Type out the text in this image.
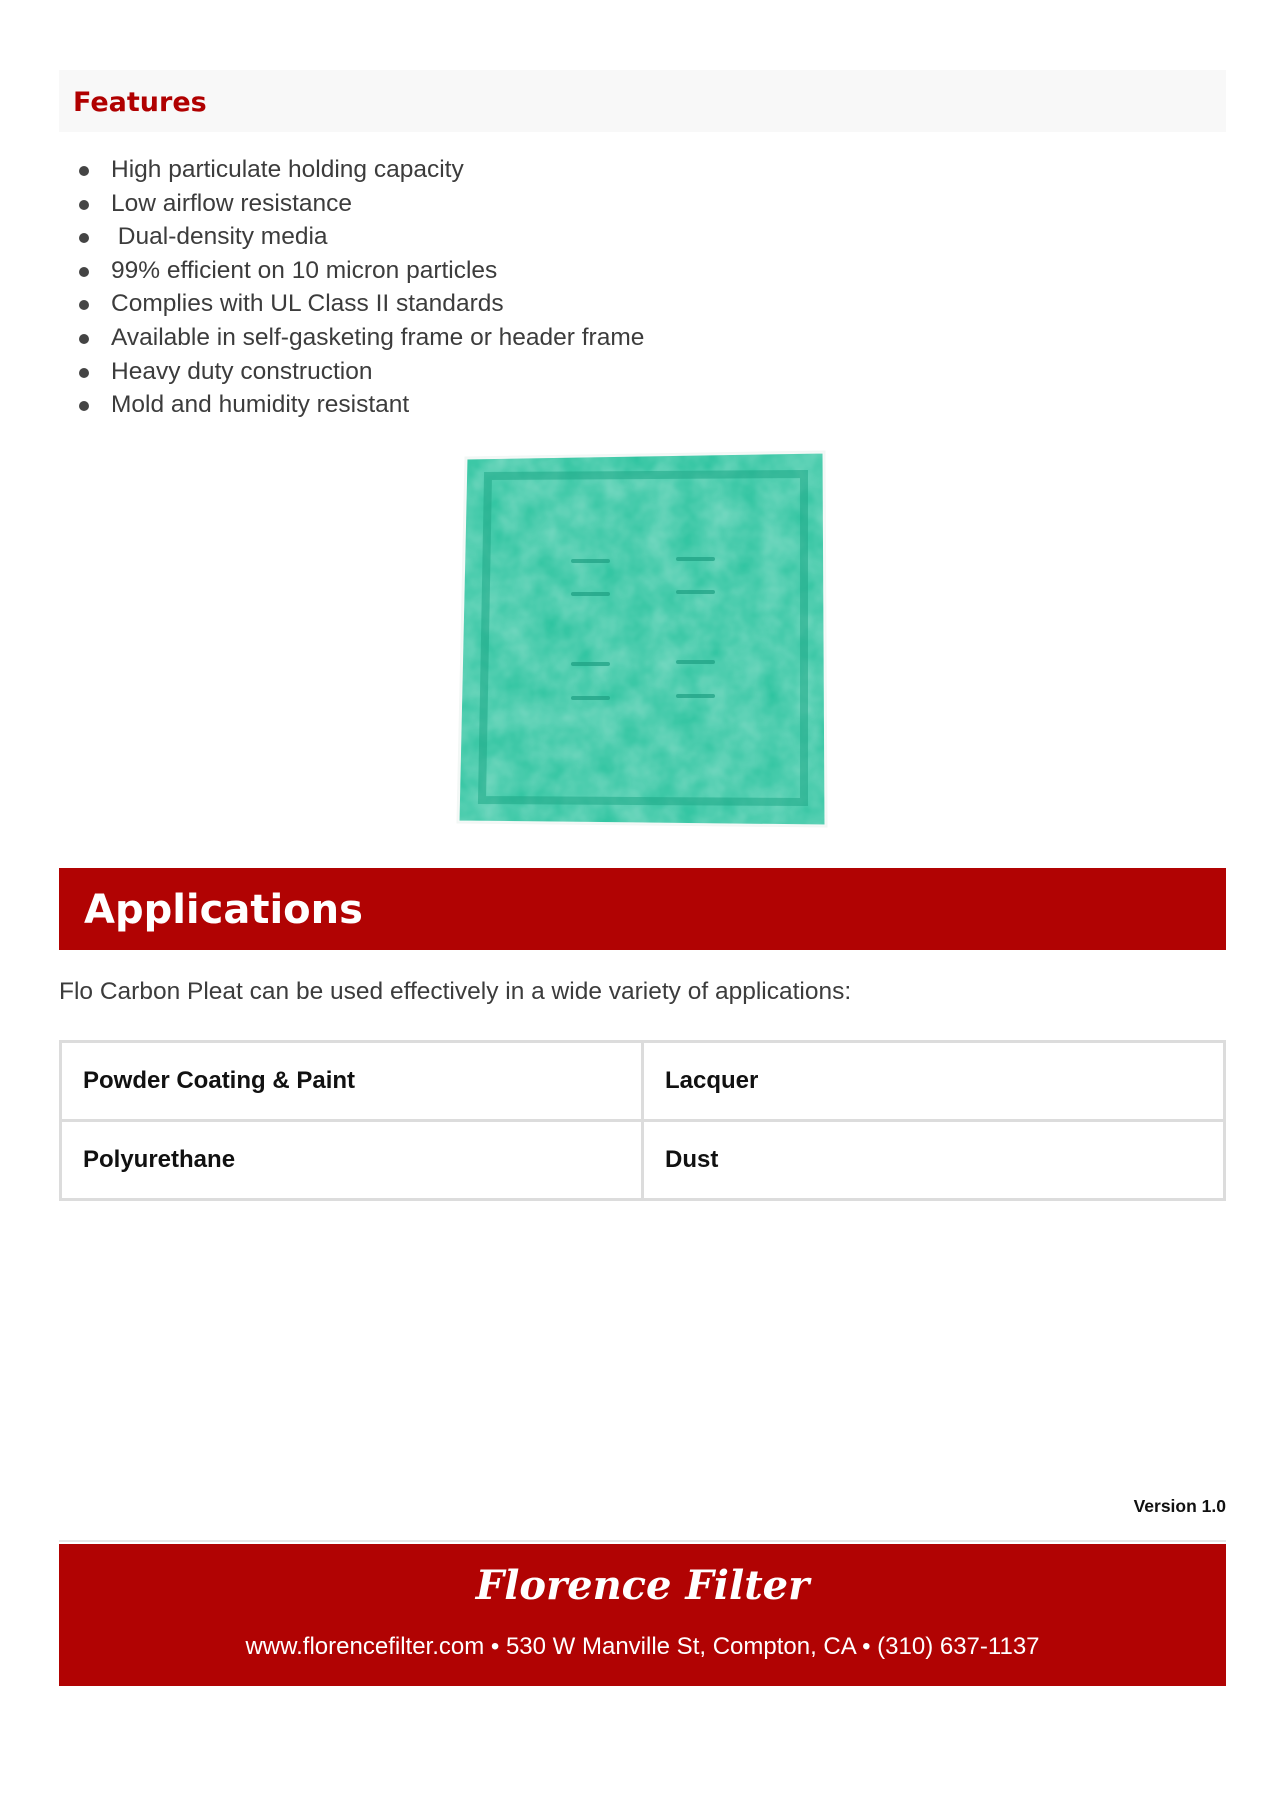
Features
High particulate holding capacity
Low airflow resistance
Dual-density media
99% efficient on 10 micron particles
Complies with UL Class II standards
Available in self-gasketing frame or header frame
Heavy duty construction
Mold and humidity resistant
Applications
Flo Carbon Pleat can be used effectively in a wide variety of applications:
Powder Coating & Paint	Lacquer
Polyurethane	Dust
Version 1.0
Florence Filter
www.florencefilter.com • 530 W Manville St, Compton, CA • (310) 637-1137
